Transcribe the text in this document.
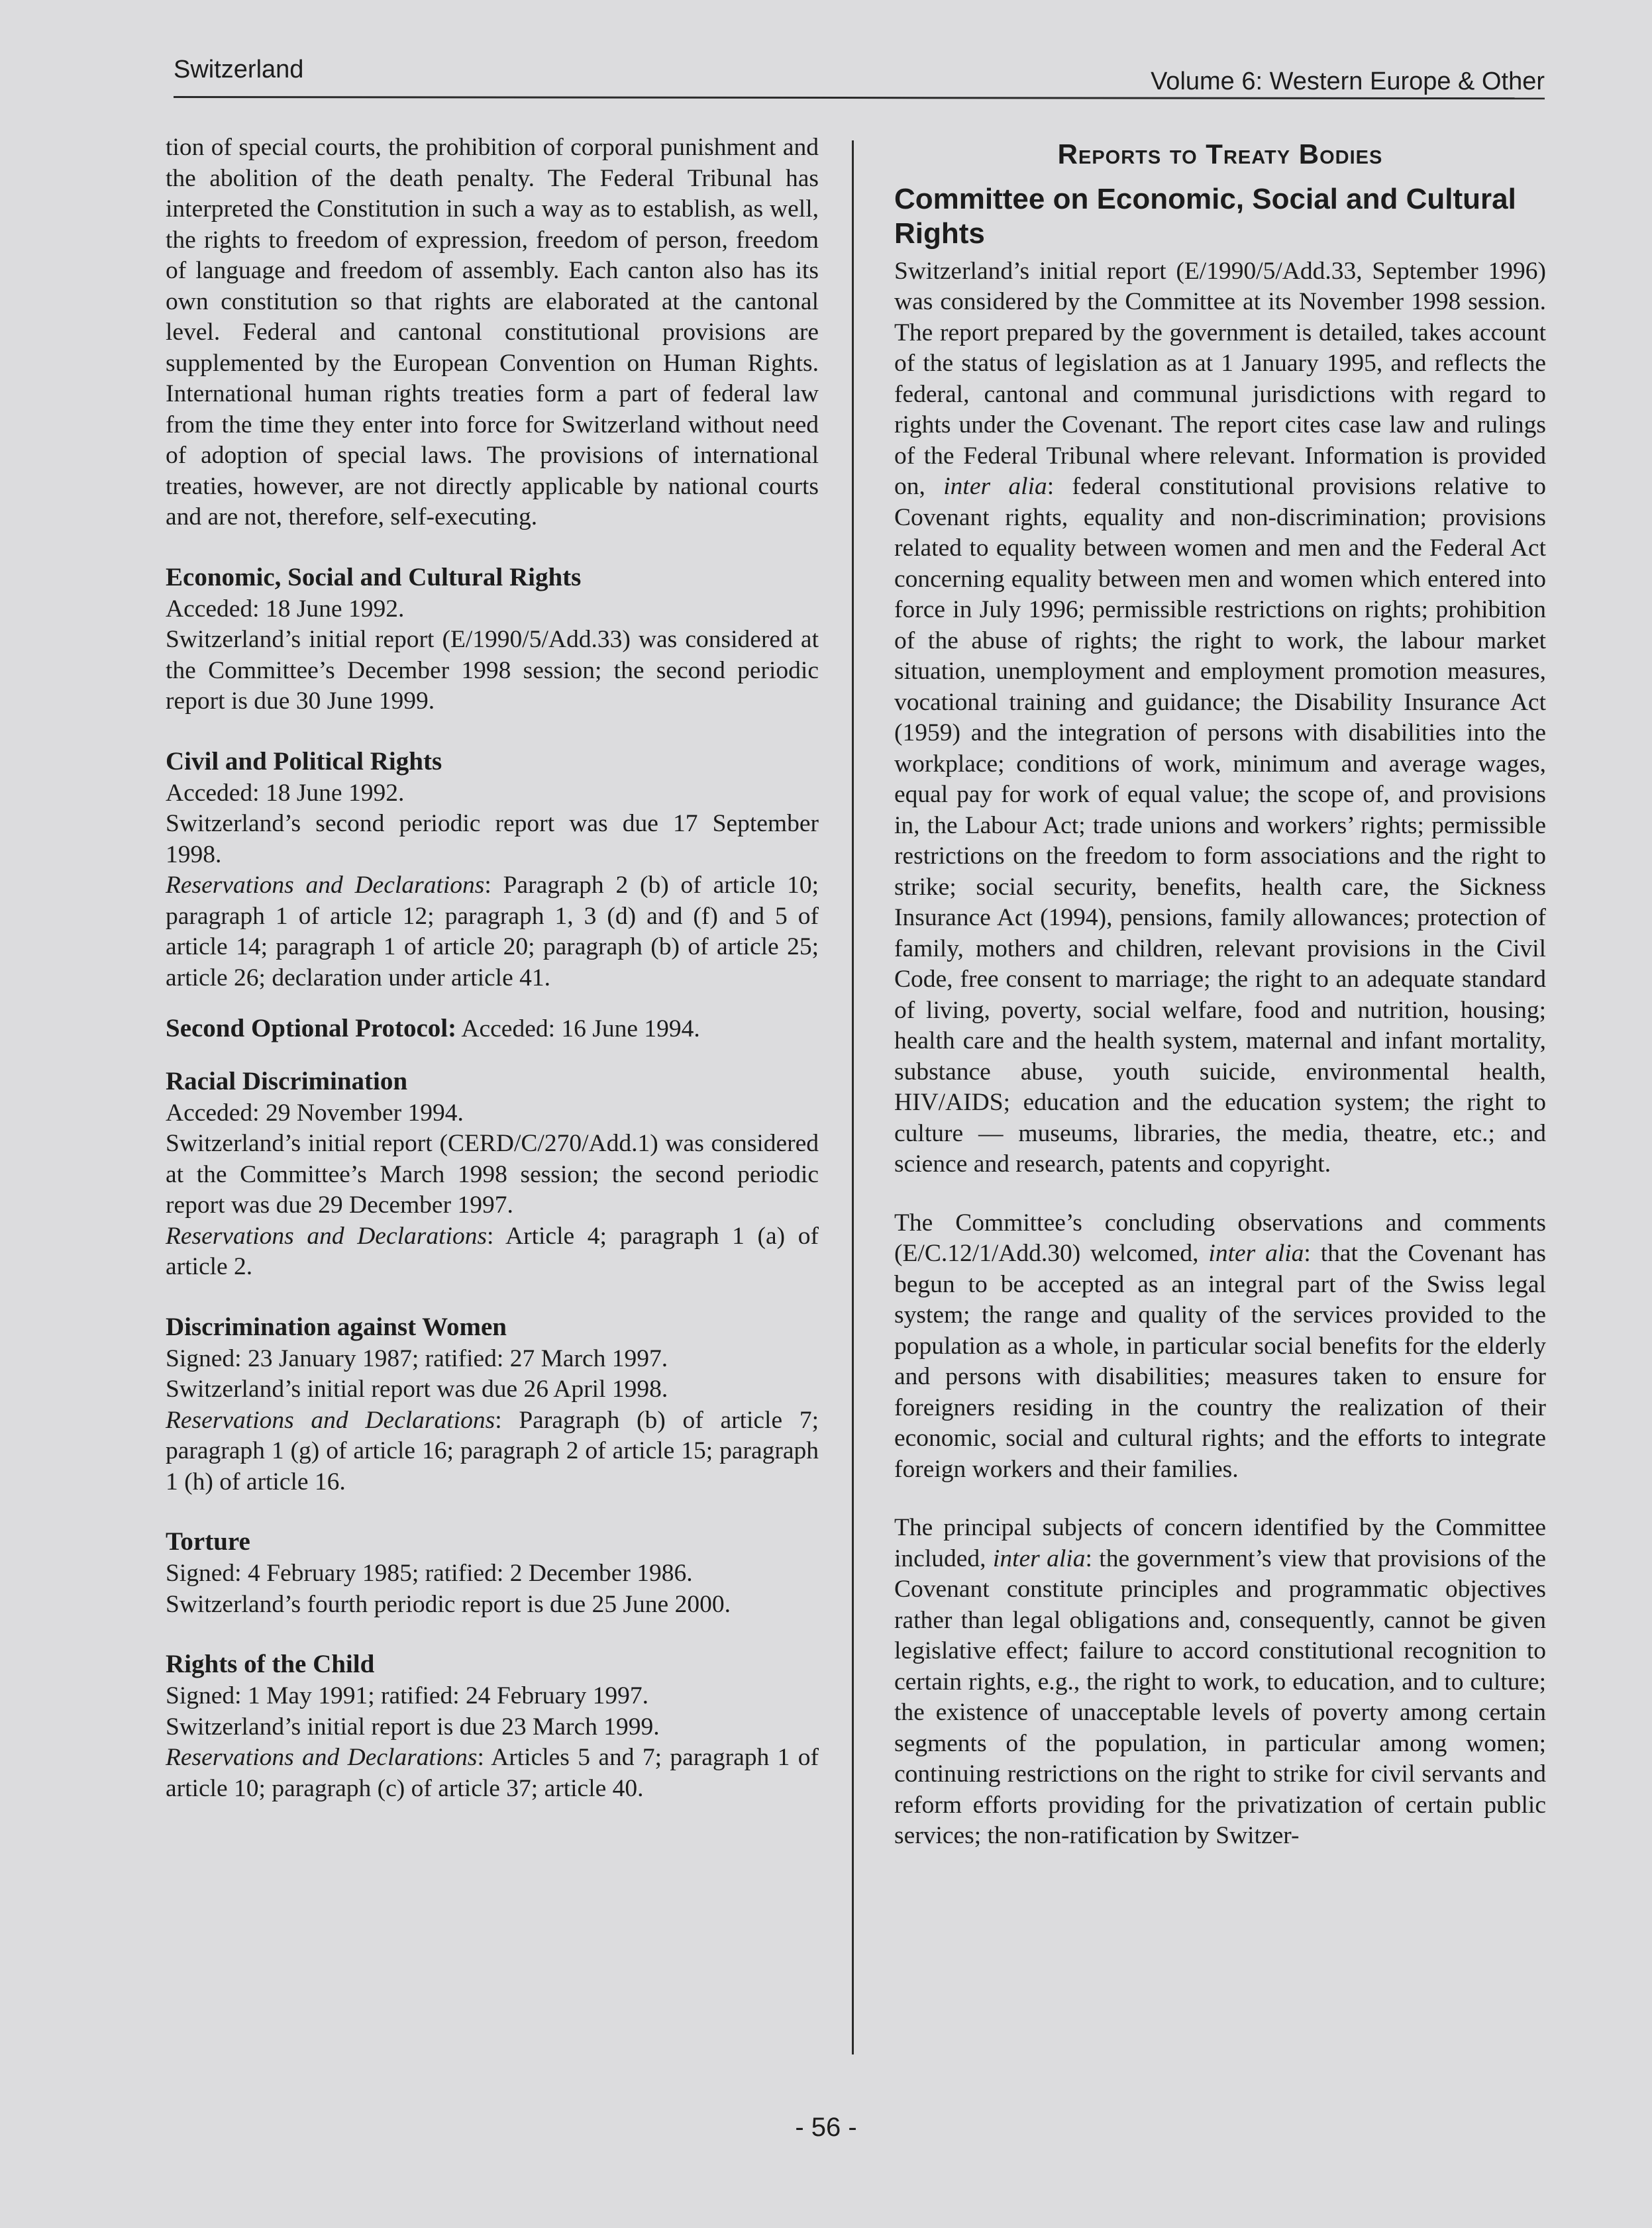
Switzerland	Volume 6: Western Europe & Other

tion of special courts, the prohibition of corporal punishment and the abolition of the death penalty. The Federal Tribunal has interpreted the Constitution in such a way as to establish, as well, the rights to freedom of expression, freedom of person, freedom of language and freedom of assembly. Each canton also has its own constitution so that rights are elaborated at the cantonal level. Federal and cantonal constitutional provisions are supplemented by the European Convention on Human Rights. International human rights treaties form a part of federal law from the time they enter into force for Switzerland without need of adoption of special laws. The provisions of international treaties, however, are not directly applicable by national courts and are not, therefore, self-executing.

Economic, Social and Cultural Rights

Acceded: 18 June 1992.

Switzerland’s initial report (E/1990/5/Add.33) was considered at the Committee’s December 1998 session; the second periodic report is due 30 June 1999.

Civil and Political Rights

Acceded: 18 June 1992.

Switzerland’s second periodic report was due 17 September 1998.

Reservations and Declarations: Paragraph 2 (b) of article 10; paragraph 1 of article 12; paragraph 1, 3 (d) and (f) and 5 of article 14; paragraph 1 of article 20; paragraph (b) of article 25; article 26; declaration under article 41.

Second Optional Protocol: Acceded: 16 June 1994.

Racial Discrimination

Acceded: 29 November 1994.

Switzerland’s initial report (CERD/C/270/Add.1) was considered at the Committee’s March 1998 session; the second periodic report was due 29 December 1997.

Reservations and Declarations: Article 4; paragraph 1 (a) of article 2.

Discrimination against Women

Signed: 23 January 1987; ratified: 27 March 1997.

Switzerland’s initial report was due 26 April 1998.

Reservations and Declarations: Paragraph (b) of article 7; paragraph 1 (g) of article 16; paragraph 2 of article 15; paragraph 1 (h) of article 16.

Torture

Signed: 4 February 1985; ratified: 2 December 1986.

Switzerland’s fourth periodic report is due 25 June 2000.

Rights of the Child

Signed: 1 May 1991; ratified: 24 February 1997.

Switzerland’s initial report is due 23 March 1999.

Reservations and Declarations: Articles 5 and 7; paragraph 1 of article 10; paragraph (c) of article 37; article 40.

Reports to Treaty Bodies
Committee on Economic, Social and Cultural Rights

Switzerland’s initial report (E/1990/5/Add.33, September 1996) was considered by the Committee at its November 1998 session. The report prepared by the government is detailed, takes account of the status of legislation as at 1 January 1995, and reflects the federal, cantonal and communal jurisdictions with regard to rights under the Covenant. The report cites case law and rulings of the Federal Tribunal where relevant. Information is provided on, inter alia: federal constitutional provisions relative to Covenant rights, equality and non-discrimination; provisions related to equality between women and men and the Federal Act concerning equality between men and women which entered into force in July 1996; permissible restrictions on rights; prohibition of the abuse of rights; the right to work, the labour market situation, unemployment and employment promotion measures, vocational training and guidance; the Disability Insurance Act (1959) and the integration of persons with disabilities into the workplace; conditions of work, minimum and average wages, equal pay for work of equal value; the scope of, and provisions in, the Labour Act; trade unions and workers’ rights; permissible restrictions on the freedom to form associations and the right to strike; social security, benefits, health care, the Sickness Insurance Act (1994), pensions, family allowances; protection of family, mothers and children, relevant provisions in the Civil Code, free consent to marriage; the right to an adequate standard of living, poverty, social welfare, food and nutrition, housing; health care and the health system, maternal and infant mortality, substance abuse, youth suicide, environmental health, HIV/AIDS; education and the education system; the right to culture — museums, libraries, the media, theatre, etc.; and science and research, patents and copyright.

The Committee’s concluding observations and comments (E/C.12/1/Add.30) welcomed, inter alia: that the Covenant has begun to be accepted as an integral part of the Swiss legal system; the range and quality of the services provided to the population as a whole, in particular social benefits for the elderly and persons with disabilities; measures taken to ensure for foreigners residing in the country the realization of their economic, social and cultural rights; and the efforts to integrate foreign workers and their families.

The principal subjects of concern identified by the Committee included, inter alia: the government’s view that provisions of the Covenant constitute principles and programmatic objectives rather than legal obligations and, consequently, cannot be given legislative effect; failure to accord constitutional recognition to certain rights, e.g., the right to work, to education, and to culture; the existence of unacceptable levels of poverty among certain segments of the population, in particular among women; continuing restrictions on the right to strike for civil servants and reform efforts providing for the privatization of certain public services; the non-ratification by Switzer-

- 56 -
